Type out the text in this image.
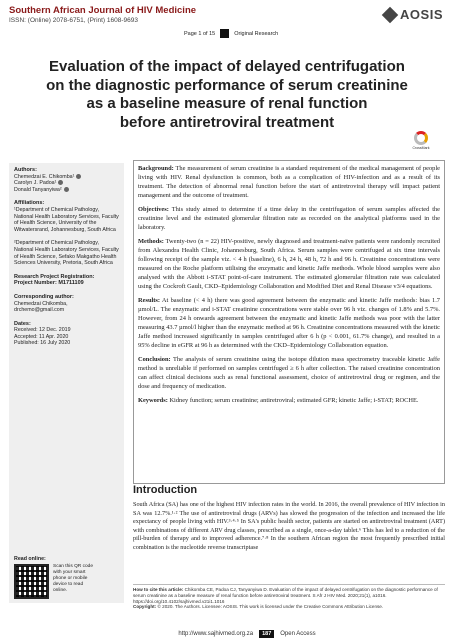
Southern African Journal of HIV Medicine
ISSN: (Online) 2078-6751, (Print) 1608-9693	AOSIS
Page 1 of 15	Original Research
Evaluation of the impact of delayed centrifugation
on the diagnostic performance of serum creatinine
as a baseline measure of renal function
before antiretroviral treatment
CrossMark
Authors:
Chemedzai E. Chikomba¹
Carolyn J. Padoa¹
Donald Tanyanyiwa²
Affiliations:
¹Department of Chemical Pathology, National Health Laboratory Services, Faculty of Health Science, University of the Witwatersrand, Johannesburg, South Africa
²Department of Chemical Pathology, National Health Laboratory Services, Faculty of Health Science, Sefako Makgatho Health Sciences University, Pretoria, South Africa
Research Project Registration:
Project Number: M1711109
Corresponding author:
Chemedzai Chikomba, drchemo@gmail.com
Dates:
Received: 12 Dec. 2019
Accepted: 11 Apr. 2020
Published: 16 July 2020
Read online:
Scan this QR code with your smart phone or mobile device to read online.

Background: The measurement of serum creatinine is a standard requirement of the medical management of people living with HIV. Renal dysfunction is common, both as a complication of HIV-infection and as a result of its treatment. The detection of abnormal renal function before the start of antiretroviral therapy will impact patient management and the outcome of treatment.

Objectives: This study aimed to determine if a time delay in the centrifugation of serum samples affected the creatinine level and the estimated glomerular filtration rate as recorded on the analytical platforms used in the laboratory.

Methods: Twenty-two (n = 22) HIV-positive, newly diagnosed and treatment-naïve patients were randomly recruited from Alexandra Health Clinic, Johannesburg, South Africa. Serum samples were centrifuged at six time intervals following receipt of the sample viz. < 4 h (baseline), 6 h, 24 h, 48 h, 72 h and 96 h. Creatinine concentrations were measured on the Roche platform utilising the enzymatic and kinetic Jaffe methods. Whole blood samples were also analysed with the Abbott i-STAT point-of-care instrument. The estimated glomerular filtration rate was calculated using the Cockroft Gault, CKD–Epidemiology Collaboration and Modified Diet and Renal Disease v3/4 equations.

Results: At baseline (< 4 h) there was good agreement between the enzymatic and kinetic Jaffe methods: bias 1.7 µmol/L. The enzymatic and i-STAT creatinine concentrations were stable over 96 h viz. changes of 1.8% and 5.7%. However, from 24 h onwards agreement between the enzymatic and kinetic Jaffe methods was poor with the latter measuring 43.7 µmol/l higher than the enzymatic method at 96 h. Creatinine concentrations measured with the kinetic Jaffe method increased significantly in samples centrifuged after 6 h (p < 0.001, 61.7% change), and resulted in a 95% decline in eGFR at 96 h as determined with the CKD–Epidemiology Collaboration equation.

Conclusion: The analysis of serum creatinine using the isotope dilution mass spectrometry traceable kinetic Jaffe method is unreliable if performed on samples centrifuged ≥ 6 h after collection. The raised creatinine concentration can affect clinical decisions such as renal functional assessment, choice of antiretroviral drug or regimen, and the dose and frequency of medication.

Keywords: Kidney function; serum creatinine; antiretroviral; estimated GFR; kinetic Jaffe; i-STAT; ROCHE.

Introduction

South Africa (SA) has one of the highest HIV infection rates in the world. In 2016, the overall prevalence of HIV infection in SA was 12.7%.¹·² The use of antiretroviral drugs (ARVs) has slowed the progression of the infection and increased the life expectancy of people living with HIV.³·⁴·⁵ In SA's public health sector, patients are started on antiretroviral treatment (ART) with combinations of different ARV drug classes, prescribed as a single, once-a-day tablet.⁶ This has led to a reduction of the pill-burden of therapy and to improved adherence.⁷·⁸ In the southern African region the most frequently prescribed initial combination is the nucleotide reverse transcriptase

How to cite this article: Chikomba CE, Padoa CJ, Tanyanyiwa D. Evaluation of the impact of delayed centrifugation on the diagnostic performance of serum creatinine as a baseline measure of renal function before antiretroviral treatment. S Afr J HIV Med. 2020;21(1), a1016. https://doi.org/10.4102/sajhivmed.v21i1.1016
Copyright: © 2020. The Authors. Licensee: AOSIS. This work is licensed under the Creative Commons Attribution License.
http://www.sajhivmed.org.za	187	Open Access
